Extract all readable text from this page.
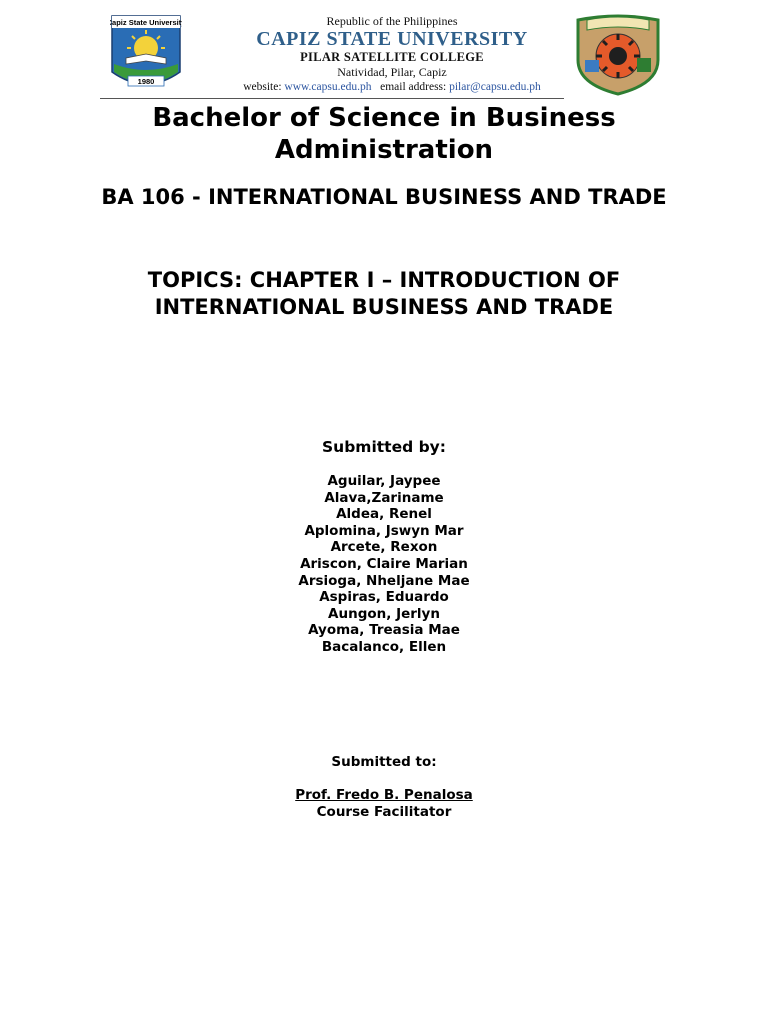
Capiz State University
1980
Republic of the Philippines
CAPIZ STATE UNIVERSITY
PILAR SATELLITE COLLEGE
Natividad, Pilar, Capiz
website: www.capsu.edu.ph email address: pilar@capsu.edu.ph
Bachelor of Science in Business Administration
BA 106 - INTERNATIONAL BUSINESS AND TRADE
TOPICS: CHAPTER I – INTRODUCTION OF INTERNATIONAL BUSINESS AND TRADE
Submitted by:
Aguilar, Jaypee
Alava,Zariname
Aldea, Renel
Aplomina, Jswyn Mar
Arcete, Rexon
Ariscon, Claire Marian
Arsioga, Nheljane Mae
Aspiras, Eduardo
Aungon, Jerlyn
Ayoma, Treasia Mae
Bacalanco, Ellen
Submitted to:
Prof. Fredo B. Penalosa
Course Facilitator
